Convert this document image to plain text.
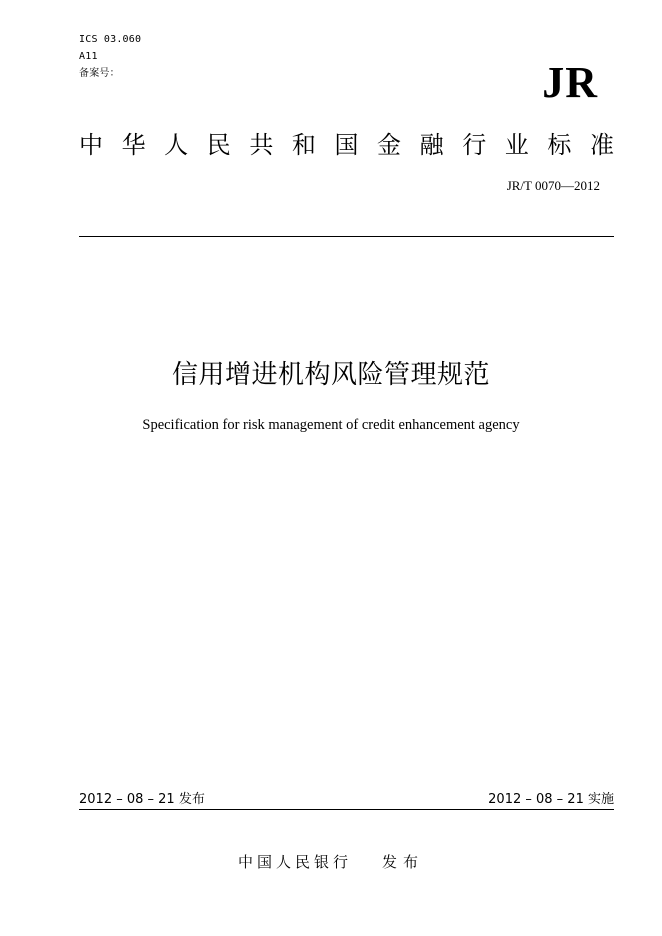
ICS 03.060
A11
备案号：	JR
中 华 人 民 共 和 国 金 融 行 业 标 准
JR/T 0070—2012
信用增进机构风险管理规范
Specification for risk management of credit enhancement agency
2012 – 08 – 21 发布	2012 – 08 – 21 实施
中国人民银行 发布
